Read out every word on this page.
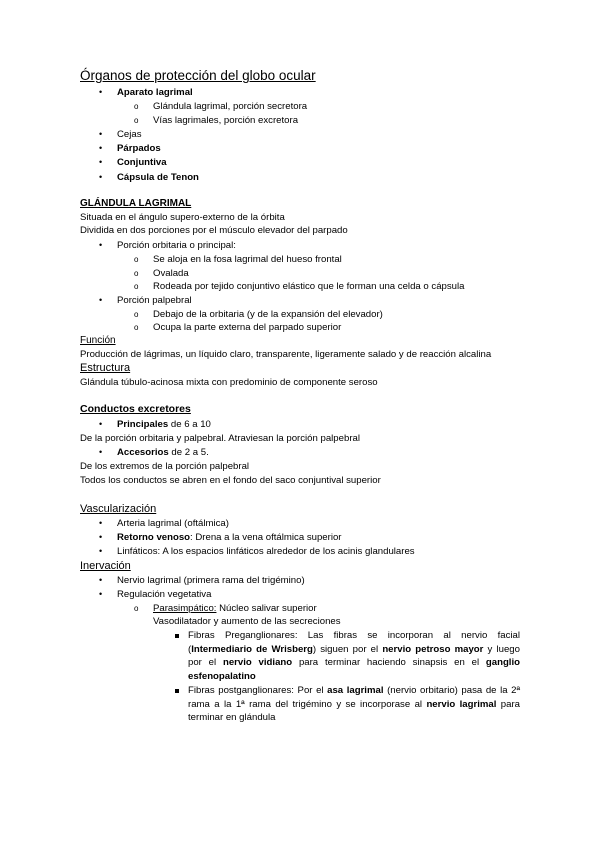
Órganos de protección del globo ocular
• Aparato lagrimal
o Glándula lagrimal, porción secretora
o Vías lagrimales, porción excretora
• Cejas
• Párpados
• Conjuntiva
• Cápsula de Tenon
GLÁNDULA LAGRIMAL
Situada en el ángulo supero-externo de la órbita
Dividida en dos porciones por el músculo elevador del parpado
• Porción orbitaria o principal:
o Se aloja en la fosa lagrimal del hueso frontal
o Ovalada
o Rodeada por tejido conjuntivo elástico que le forman una celda o cápsula
• Porción palpebral
o Debajo de la orbitaria (y de la expansión del elevador)
o Ocupa la parte externa del parpado superior
Función
Producción de lágrimas, un líquido claro, transparente, ligeramente salado y de reacción alcalina
Estructura
Glándula túbulo-acinosa mixta con predominio de componente seroso
Conductos excretores
• Principales de 6 a 10
De la porción orbitaria y palpebral. Atraviesan la porción palpebral
• Accesorios de 2 a 5.
De los extremos de la porción palpebral
Todos los conductos se abren en el fondo del saco conjuntival superior
Vascularización
• Arteria lagrimal (oftálmica)
• Retorno venoso: Drena a la vena oftálmica superior
• Linfáticos: A los espacios linfáticos alrededor de los acinis glandulares
Inervación
• Nervio lagrimal (primera rama del trigémino)
• Regulación vegetativa
o Parasimpático: Núcleo salivar superior
Vasodilatador y aumento de las secreciones
Fibras Preganglionares: Las fibras se incorporan al nervio facial (Intermediario de Wrisberg) siguen por el nervio petroso mayor y luego por el nervio vidiano para terminar haciendo sinapsis en el ganglio esfenopalatino
Fibras postganglionares: Por el asa lagrimal (nervio orbitario) pasa de la 2ª rama a la 1ª rama del trigémino y se incorporase al nervio lagrimal para terminar en glándula
